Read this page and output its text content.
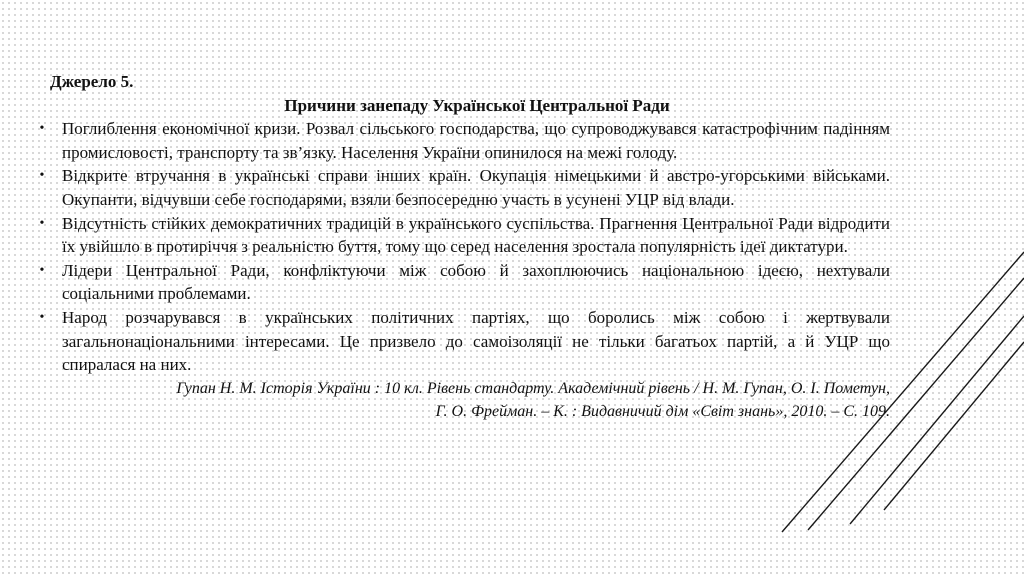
Джерело 5.
Причини занепаду Української Центральної Ради
•	Поглиблення економічної кризи. Розвал сільського господарства, що супроводжувався катастрофічним падінням промисловості, транспорту та зв’язку. Населення України опинилося на межі голоду.
•	Відкрите втручання в українські справи інших країн. Окупація німецькими й австро-угорськими військами. Окупанти, відчувши себе господарями, взяли безпосередню участь в усунені УЦР від влади.
•	Відсутність стійких демократичних традицій в українського суспільства. Прагнення Центральної Ради відродити їх увійшло в протиріччя з реальністю буття, тому що серед населення зростала популярність ідеї диктатури.
•	Лідери Центральної Ради, конфліктуючи між собою й захоплюючись національною ідеєю, нехтували соціальними проблемами.
•	Народ розчарувався в українських політичних партіях, що боролись між собою і жертвували загальнонаціональними інтересами. Це призвело до самоізоляції не тільки багатьох партій, а й УЦР що спиралася на них.
Гупан Н. М. Історія України : 10 кл. Рівень стандарту. Академічний рівень / Н. М. Гупан, О. І. Пометун,
Г. О. Фрейман. – К. : Видавничий дім «Світ знань», 2010. – С. 109.
